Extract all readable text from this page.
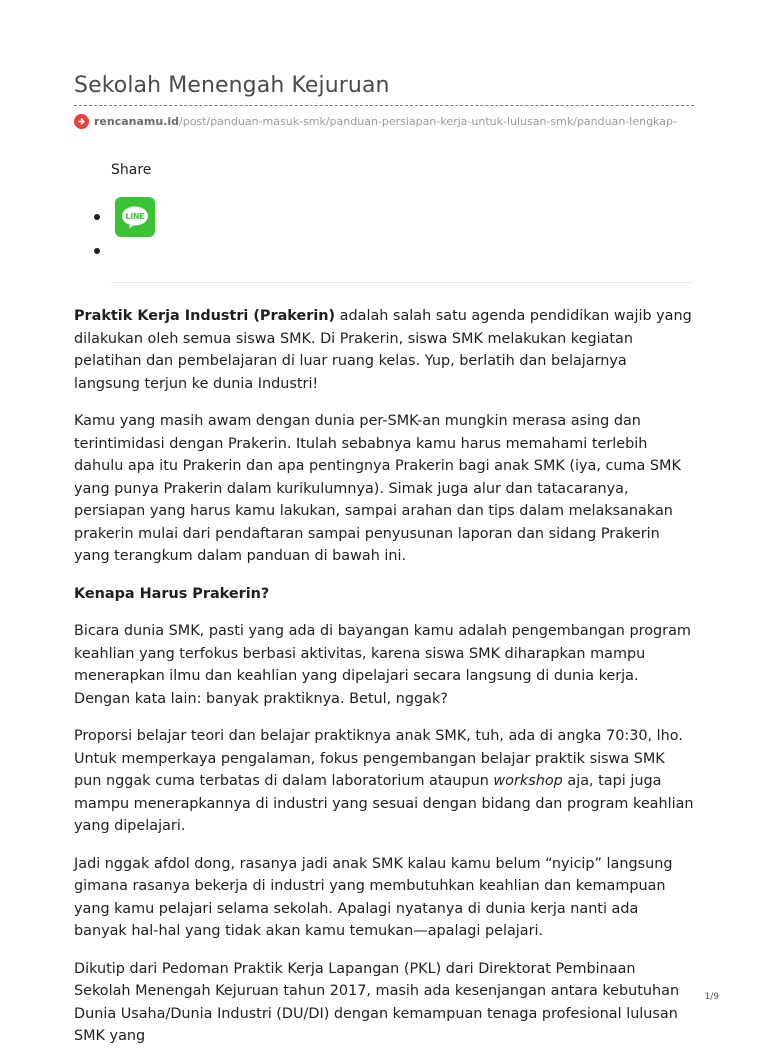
Sekolah Menengah Kejuruan
rencanamu.id /post/panduan-masuk-smk/panduan-persiapan-kerja-untuk-lulusan-smk/panduan-lengkap-
Share
LINE

Praktik Kerja Industri (Prakerin) adalah salah satu agenda pendidikan wajib yang dilakukan oleh semua siswa SMK. Di Prakerin, siswa SMK melakukan kegiatan pelatihan dan pembelajaran di luar ruang kelas. Yup, berlatih dan belajarnya langsung terjun ke dunia Industri!

Kamu yang masih awam dengan dunia per-SMK-an mungkin merasa asing dan terintimidasi dengan Prakerin. Itulah sebabnya kamu harus memahami terlebih dahulu apa itu Prakerin dan apa pentingnya Prakerin bagi anak SMK (iya, cuma SMK yang punya Prakerin dalam kurikulumnya). Simak juga alur dan tatacaranya, persiapan yang harus kamu lakukan, sampai arahan dan tips dalam melaksanakan prakerin mulai dari pendaftaran sampai penyusunan laporan dan sidang Prakerin yang terangkum dalam panduan di bawah ini.

Kenapa Harus Prakerin?

Bicara dunia SMK, pasti yang ada di bayangan kamu adalah pengembangan program keahlian yang terfokus berbasi aktivitas, karena siswa SMK diharapkan mampu menerapkan ilmu dan keahlian yang dipelajari secara langsung di dunia kerja. Dengan kata lain: banyak praktiknya. Betul, nggak?

Proporsi belajar teori dan belajar praktiknya anak SMK, tuh, ada di angka 70:30, lho. Untuk memperkaya pengalaman, fokus pengembangan belajar praktik siswa SMK pun nggak cuma terbatas di dalam laboratorium ataupun workshop aja, tapi juga mampu menerapkannya di industri yang sesuai dengan bidang dan program keahlian yang dipelajari.

Jadi nggak afdol dong, rasanya jadi anak SMK kalau kamu belum “nyicip” langsung gimana rasanya bekerja di industri yang membutuhkan keahlian dan kemampuan yang kamu pelajari selama sekolah. Apalagi nyatanya di dunia kerja nanti ada banyak hal-hal yang tidak akan kamu temukan—apalagi pelajari.

Dikutip dari Pedoman Praktik Kerja Lapangan (PKL) dari Direktorat Pembinaan Sekolah Menengah Kejuruan tahun 2017, masih ada kesenjangan antara kebutuhan Dunia Usaha/Dunia Industri (DU/DI) dengan kemampuan tenaga profesional lulusan SMK yang

1/9
